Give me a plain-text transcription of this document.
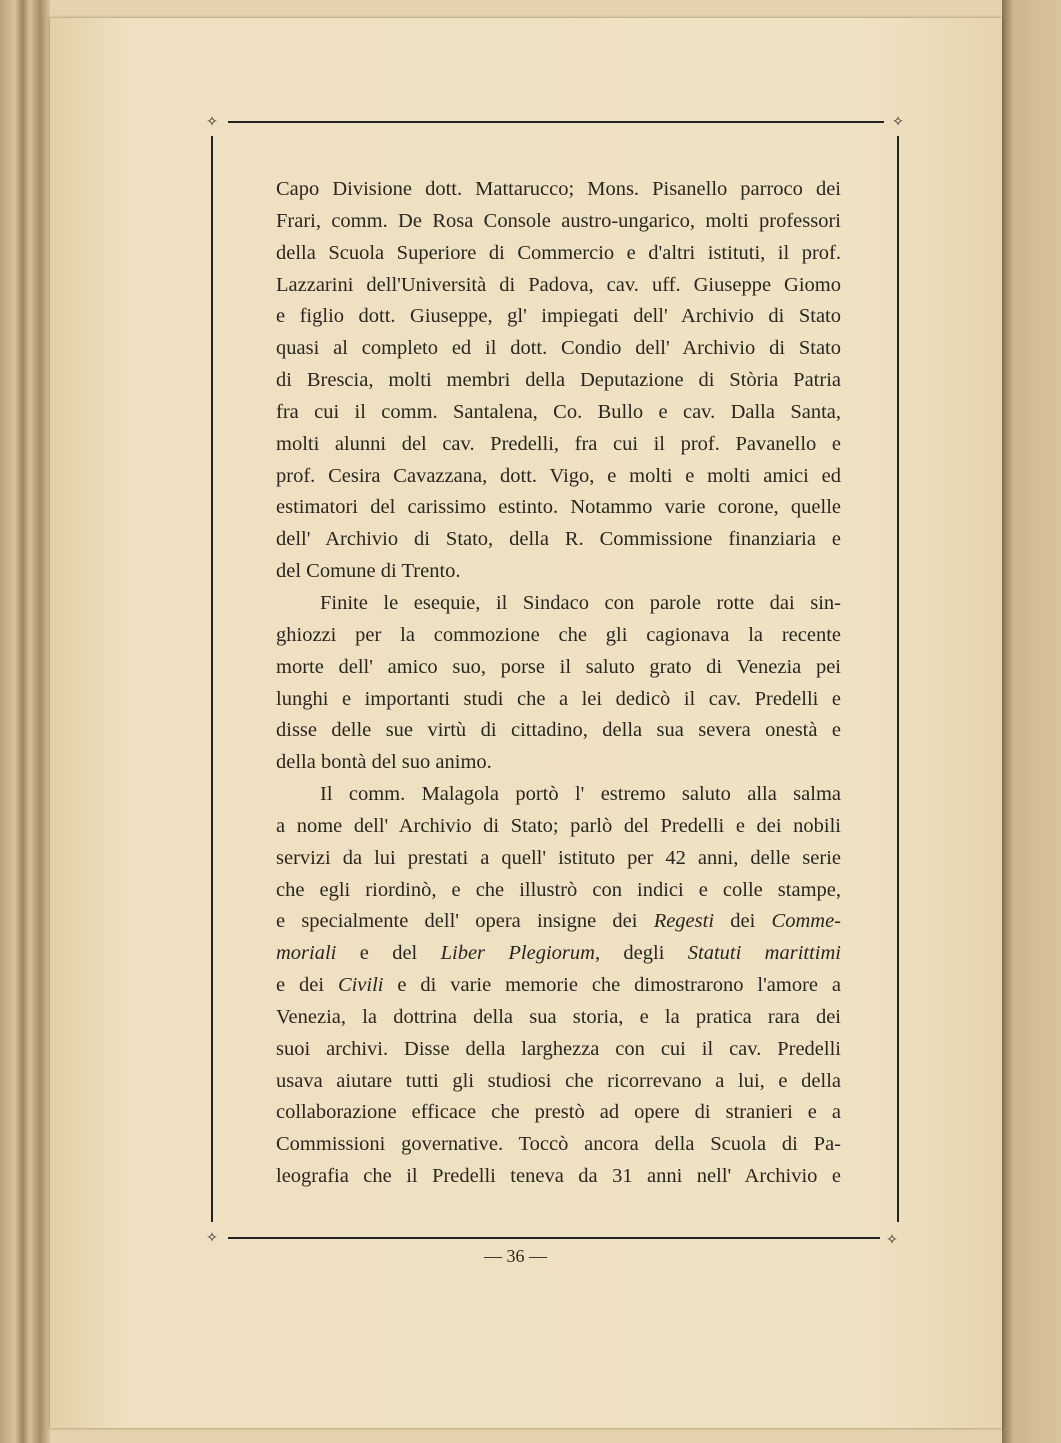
✧	✧
✧	✧
Capo Divisione dott. Mattarucco; Mons. Pisanello parroco dei
Frari, comm. De Rosa Console austro-ungarico, molti professori
della Scuola Superiore di Commercio e d'altri istituti, il prof.
Lazzarini dell'Università di Padova, cav. uff. Giuseppe Giomo
e figlio dott. Giuseppe, gl' impiegati dell' Archivio di Stato
quasi al completo ed il dott. Condio dell' Archivio di Stato
di Brescia, molti membri della Deputazione di Stòria Patria
fra cui il comm. Santalena, Co. Bullo e cav. Dalla Santa,
molti alunni del cav. Predelli, fra cui il prof. Pavanello e
prof. Cesira Cavazzana, dott. Vigo, e molti e molti amici ed
estimatori del carissimo estinto. Notammo varie corone, quelle
dell' Archivio di Stato, della R. Commissione finanziaria e
del Comune di Trento.
Finite le esequie, il Sindaco con parole rotte dai sin-
ghiozzi per la commozione che gli cagionava la recente
morte dell' amico suo, porse il saluto grato di Venezia pei
lunghi e importanti studi che a lei dedicò il cav. Predelli e
disse delle sue virtù di cittadino, della sua severa onestà e
della bontà del suo animo.
Il comm. Malagola portò l' estremo saluto alla salma
a nome dell' Archivio di Stato; parlò del Predelli e dei nobili
servizi da lui prestati a quell' istituto per 42 anni, delle serie
che egli riordinò, e che illustrò con indici e colle stampe,
e specialmente dell' opera insigne dei Regesti dei Comme-
moriali e del Liber Plegiorum, degli Statuti marittimi
e dei Civili e di varie memorie che dimostrarono l'amore a
Venezia, la dottrina della sua storia, e la pratica rara dei
suoi archivi. Disse della larghezza con cui il cav. Predelli
usava aiutare tutti gli studiosi che ricorrevano a lui, e della
collaborazione efficace che prestò ad opere di stranieri e a
Commissioni governative. Toccò ancora della Scuola di Pa-
leografia che il Predelli teneva da 31 anni nell' Archivio e
— 36 —
